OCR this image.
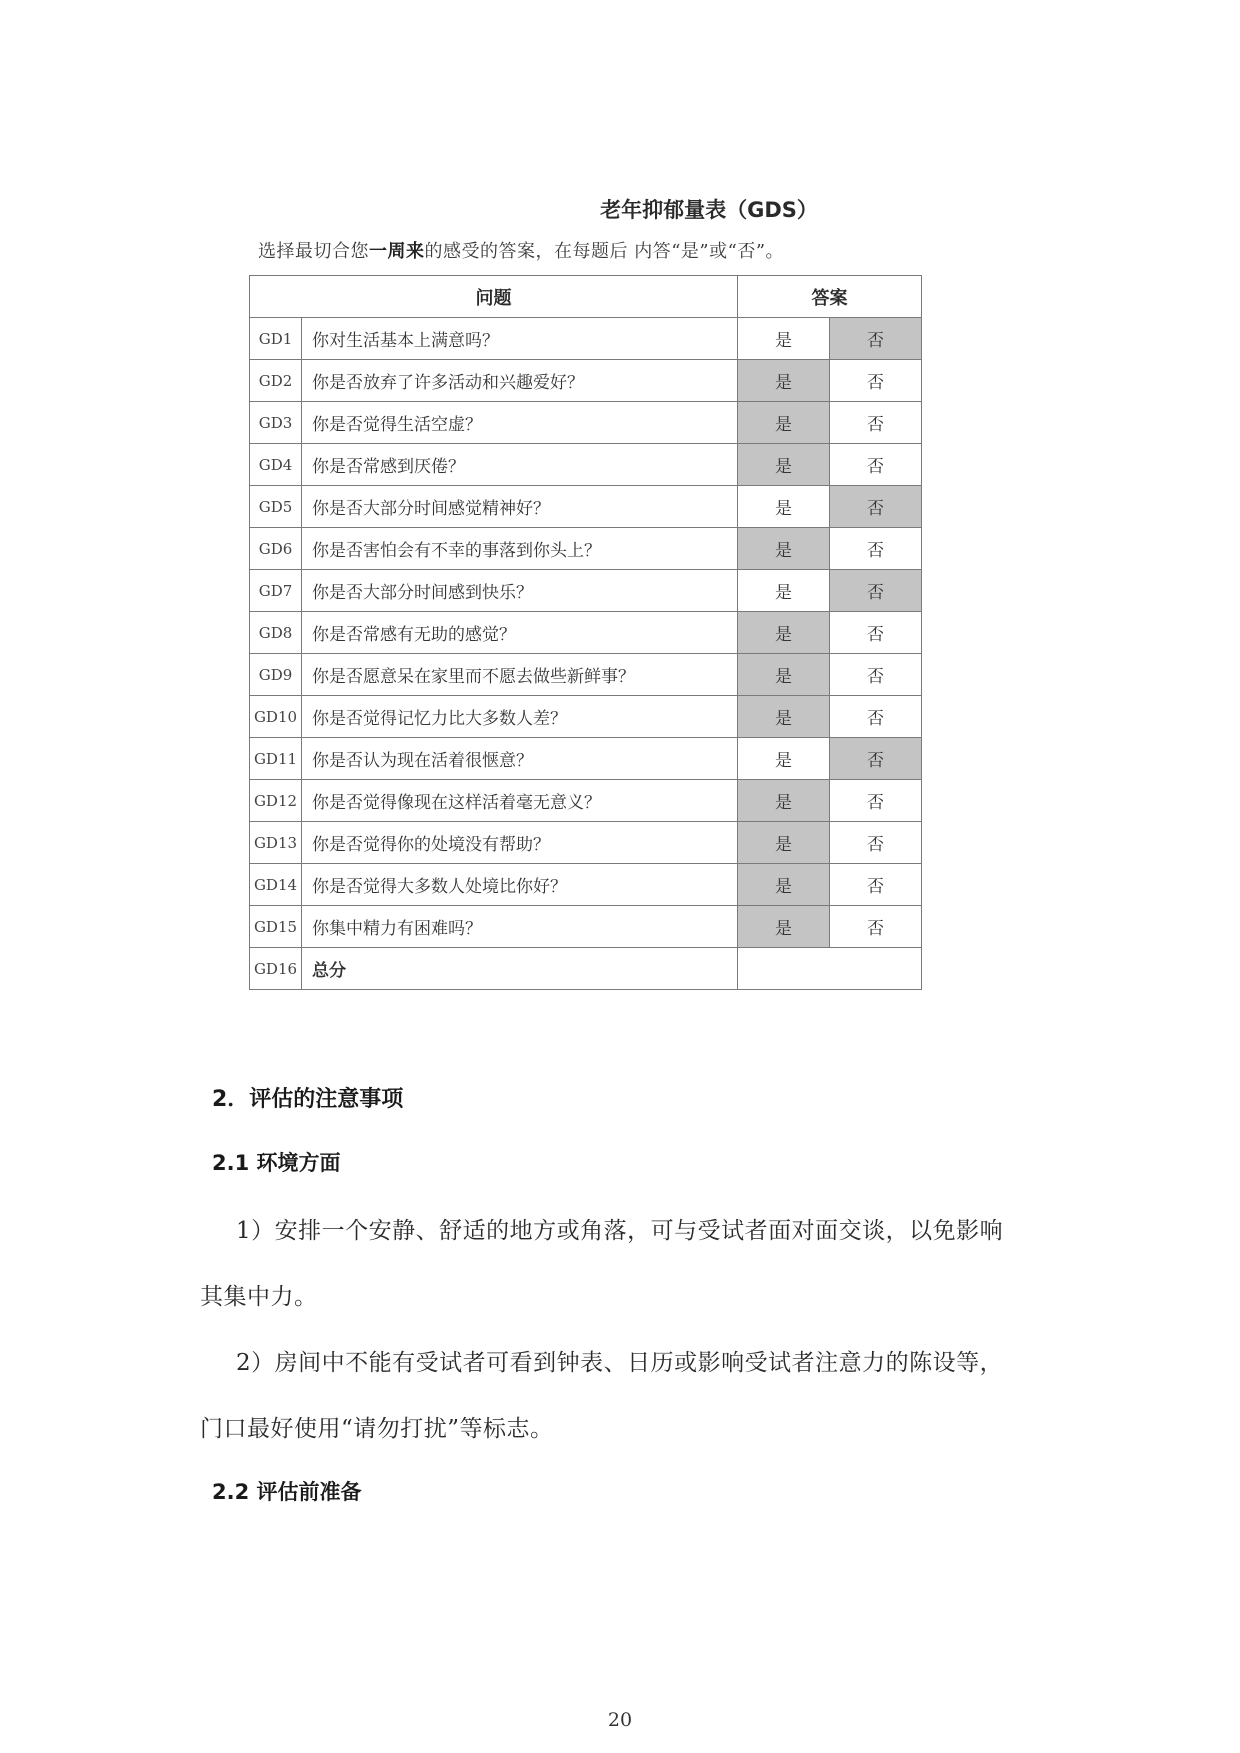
老年抑郁量表（GDS）
选择最切合您一周来的感受的答案，在每题后 内答“是”或“否”。
问题		答案	
GD1	你对生活基本上满意吗？	是	否
GD2	你是否放弃了许多活动和兴趣爱好？	是	否
GD3	你是否觉得生活空虚？	是	否
GD4	你是否常感到厌倦？	是	否
GD5	你是否大部分时间感觉精神好？	是	否
GD6	你是否害怕会有不幸的事落到你头上？	是	否
GD7	你是否大部分时间感到快乐？	是	否
GD8	你是否常感有无助的感觉？	是	否
GD9	你是否愿意呆在家里而不愿去做些新鲜事？	是	否
GD10	你是否觉得记忆力比大多数人差？	是	否
GD11	你是否认为现在活着很惬意？	是	否
GD12	你是否觉得像现在这样活着毫无意义？	是	否
GD13	你是否觉得你的处境没有帮助？	是	否
GD14	你是否觉得大多数人处境比你好？	是	否
GD15	你集中精力有困难吗？	是	否
GD16	总分		
2．评估的注意事项
2.1 环境方面
1）安排一个安静、舒适的地方或角落，可与受试者面对面交谈，以免影响
其集中力。
2）房间中不能有受试者可看到钟表、日历或影响受试者注意力的陈设等，
门口最好使用“请勿打扰”等标志。
2.2 评估前准备
20
